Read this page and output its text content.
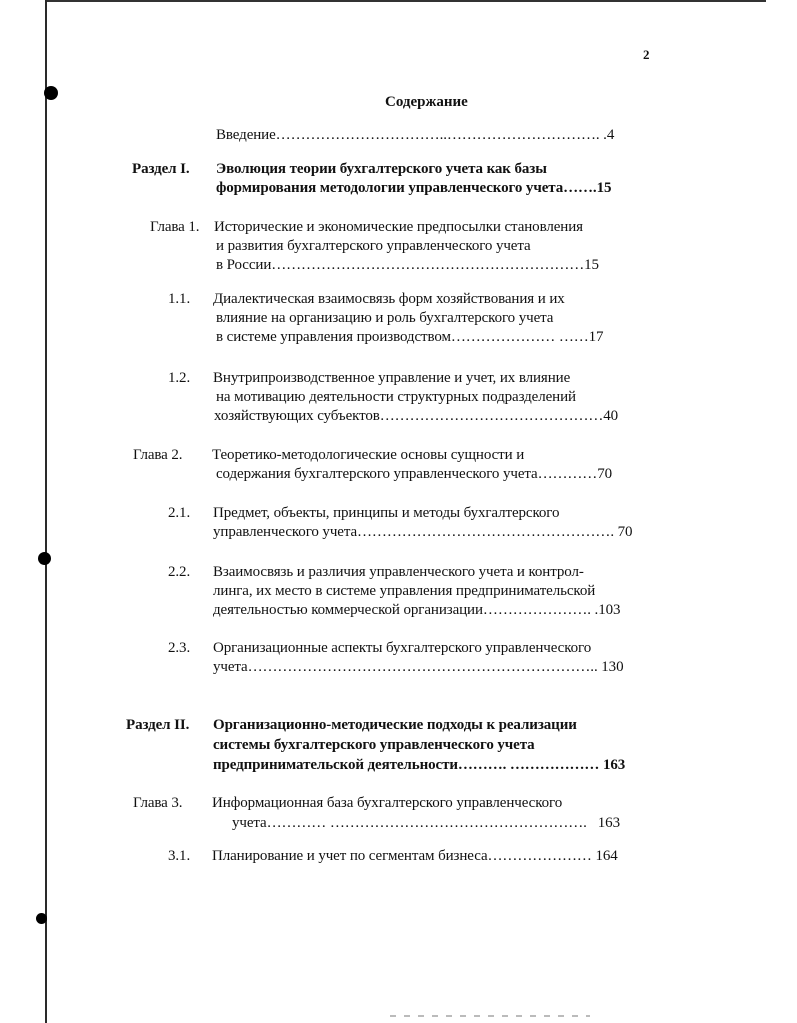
2
Содержание
Введение……………………………..…………………………. .4
Раздел I. Эволюция теории бухгалтерского учета как базы
формирования методологии управленческого учета…….15
Глава 1. Исторические и экономические предпосылки становления
и развития бухгалтерского управленческого учета
в России………………………………………………………15
1.1. Диалектическая взаимосвязь форм хозяйствования и их
влияние на организацию и роль бухгалтерского учета
в системе управления производством………………… ……17
1.2. Внутрипроизводственное управление и учет, их влияние
на мотивацию деятельности структурных подразделений
хозяйствующих субъектов………………………………………40
Глава 2. Теоретико-методологические основы сущности и
содержания бухгалтерского управленческого учета…………70
2.1. Предмет, объекты, принципы и методы бухгалтерского
управленческого учета……………………………………………. 70
2.2. Взаимосвязь и различия управленческого учета и контрол-
линга, их место в системе управления предпринимательской
деятельностью коммерческой организации…………………. .103
2.3. Организационные аспекты бухгалтерского управленческого
учета…………………………………………………………….. 130
Раздел II. Организационно-методические подходы к реализации
системы бухгалтерского управленческого учета
предпринимательской деятельности………. ……………… 163
Глава 3. Информационная база бухгалтерского управленческого
учета………… ……………………………………………. 163
3.1. Планирование и учет по сегментам бизнеса………………… 164
